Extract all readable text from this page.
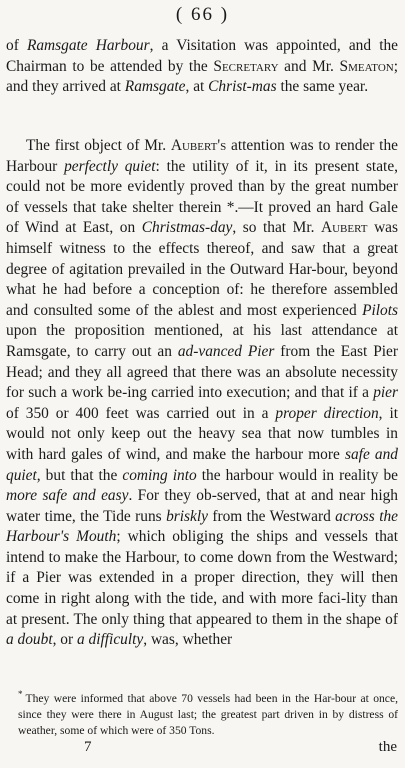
( 66 )

of Ramsgate Harbour, a Visitation was appointed, and the Chairman to be attended by the Secretary and Mr. Smeaton; and they arrived at Ramsgate, at Christ-mas the same year.

The first object of Mr. Aubert's attention was to render the Harbour perfectly quiet: the utility of it, in its present state, could not be more evidently proved than by the great number of vessels that take shelter therein *.—It proved an hard Gale of Wind at East, on Christmas-day, so that Mr. Aubert was himself witness to the effects thereof, and saw that a great degree of agitation prevailed in the Outward Har-bour, beyond what he had before a conception of: he therefore assembled and consulted some of the ablest and most experienced Pilots upon the proposition mentioned, at his last attendance at Ramsgate, to carry out an ad-vanced Pier from the East Pier Head; and they all agreed that there was an absolute necessity for such a work be-ing carried into execution; and that if a pier of 350 or 400 feet was carried out in a proper direction, it would not only keep out the heavy sea that now tumbles in with hard gales of wind, and make the harbour more safe and quiet, but that the coming into the harbour would in reality be more safe and easy. For they ob-served, that at and near high water time, the Tide runs briskly from the Westward across the Harbour's Mouth; which obliging the ships and vessels that intend to make the Harbour, to come down from the Westward; if a Pier was extended in a proper direction, they will then come in right along with the tide, and with more faci-lity than at present. The only thing that appeared to them in the shape of a doubt, or a difficulty, was, whether

* They were informed that above 70 vessels had been in the Har-bour at once, since they were there in August last; the greatest part driven in by distress of weather, some of which were of 350 Tons.
7	the
